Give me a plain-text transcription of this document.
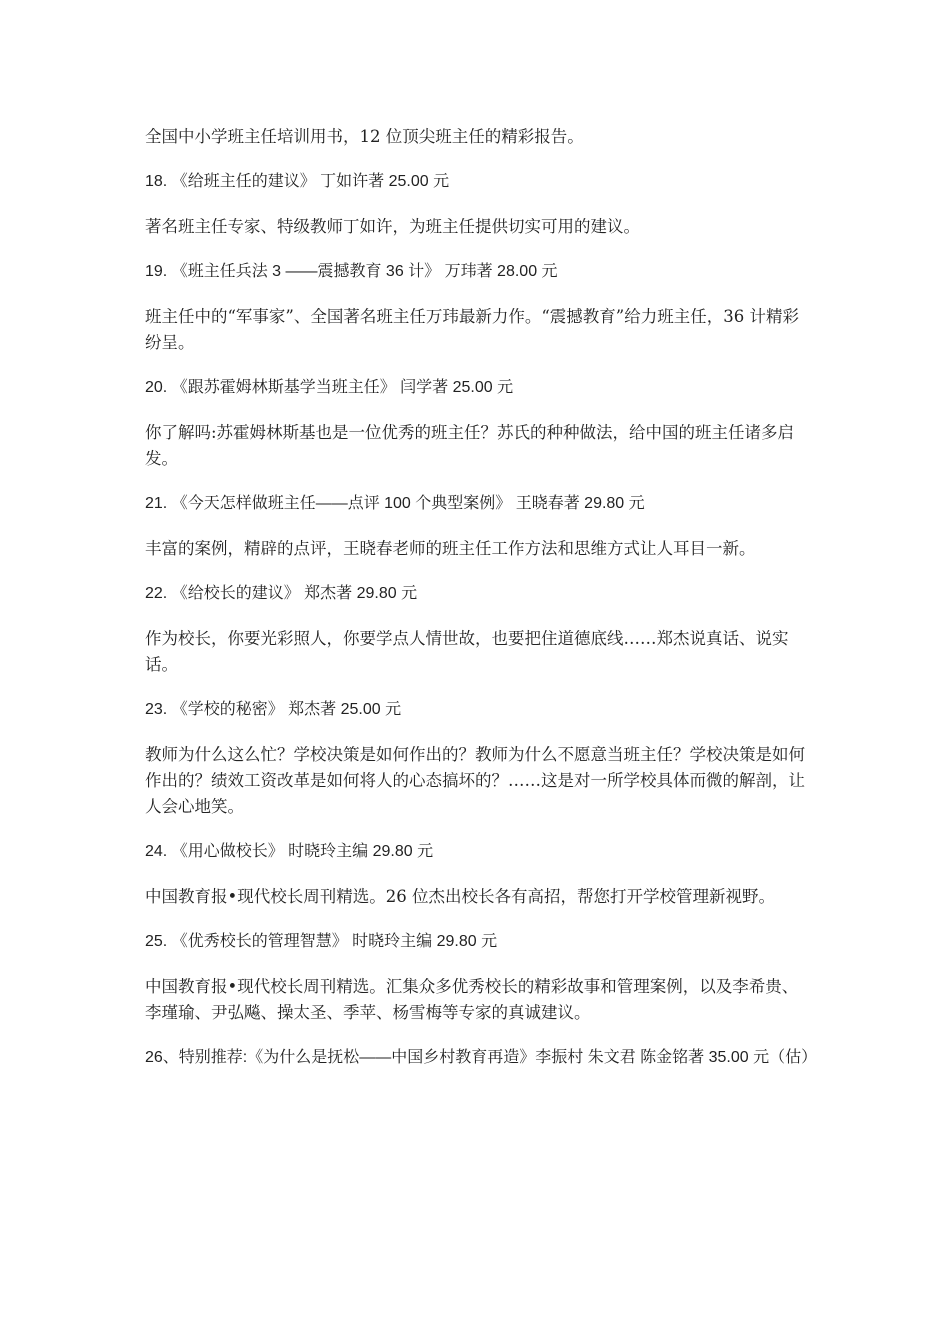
全国中小学班主任培训用书，12 位顶尖班主任的精彩报告。

18. 《给班主任的建议》 丁如许著 25.00 元

著名班主任专家、特级教师丁如许，为班主任提供切实可用的建议。

19. 《班主任兵法 3 ——震撼教育 36 计》 万玮著 28.00 元

班主任中的“军事家”、全国著名班主任万玮最新力作。“震撼教育”给力班主任，36 计精彩纷呈。

20. 《跟苏霍姆林斯基学当班主任》 闫学著 25.00 元

你了解吗:苏霍姆林斯基也是一位优秀的班主任？苏氏的种种做法，给中国的班主任诸多启发。

21. 《今天怎样做班主任——点评 100 个典型案例》 王晓春著 29.80 元

丰富的案例，精辟的点评，王晓春老师的班主任工作方法和思维方式让人耳目一新。

22. 《给校长的建议》 郑杰著 29.80 元

作为校长，你要光彩照人，你要学点人情世故，也要把住道德底线……郑杰说真话、说实话。

23. 《学校的秘密》 郑杰著 25.00 元

教师为什么这么忙？学校决策是如何作出的？教师为什么不愿意当班主任？学校决策是如何作出的？绩效工资改革是如何将人的心态搞坏的？……这是对一所学校具体而微的解剖，让人会心地笑。

24. 《用心做校长》 时晓玲主编 29.80 元

中国教育报•现代校长周刊精选。26 位杰出校长各有高招，帮您打开学校管理新视野。

25. 《优秀校长的管理智慧》 时晓玲主编 29.80 元

中国教育报•现代校长周刊精选。汇集众多优秀校长的精彩故事和管理案例，以及李希贵、李瑾瑜、尹弘飚、操太圣、季苹、杨雪梅等专家的真诚建议。

26、特别推荐:《为什么是抚松——中国乡村教育再造》李振村 朱文君 陈金铭著 35.00 元（估）
